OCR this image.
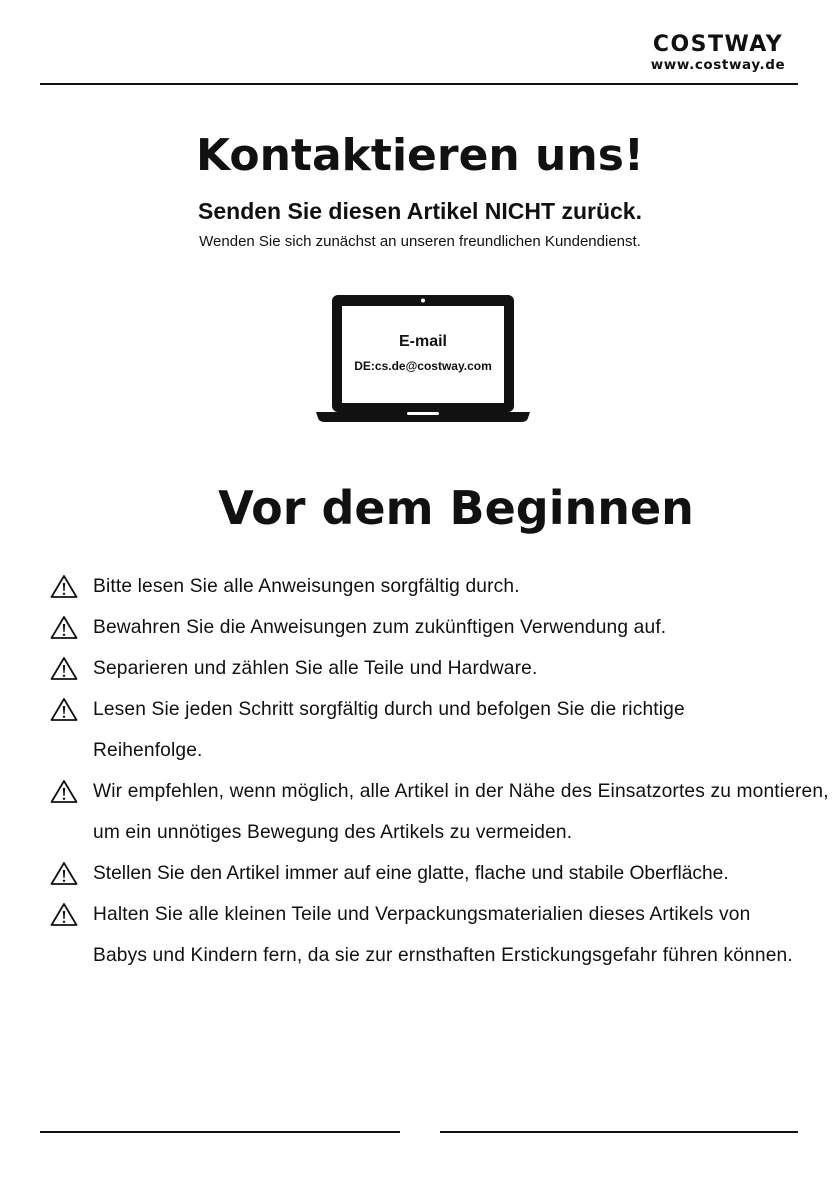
COSTWAY
www.costway.de
Kontaktieren uns!
Senden Sie diesen Artikel NICHT zurück.
Wenden Sie sich zunächst an unseren freundlichen Kundendienst.
E-mail
DE:cs.de@costway.com
Vor dem Beginnen
Bitte lesen Sie alle Anweisungen sorgfältig durch.
Bewahren Sie die Anweisungen zum zukünftigen Verwendung auf.
Separieren und zählen Sie alle Teile und Hardware.
Lesen Sie jeden Schritt sorgfältig durch und befolgen Sie die richtige Reihenfolge.
Wir empfehlen, wenn möglich, alle Artikel in der Nähe des Einsatzortes zu montieren, um ein unnötiges Bewegung des Artikels zu vermeiden.
Stellen Sie den Artikel immer auf eine glatte, flache und stabile Oberfläche.
Halten Sie alle kleinen Teile und Verpackungsmaterialien dieses Artikels von Babys und Kindern fern, da sie zur ernsthaften Erstickungsgefahr führen können.
